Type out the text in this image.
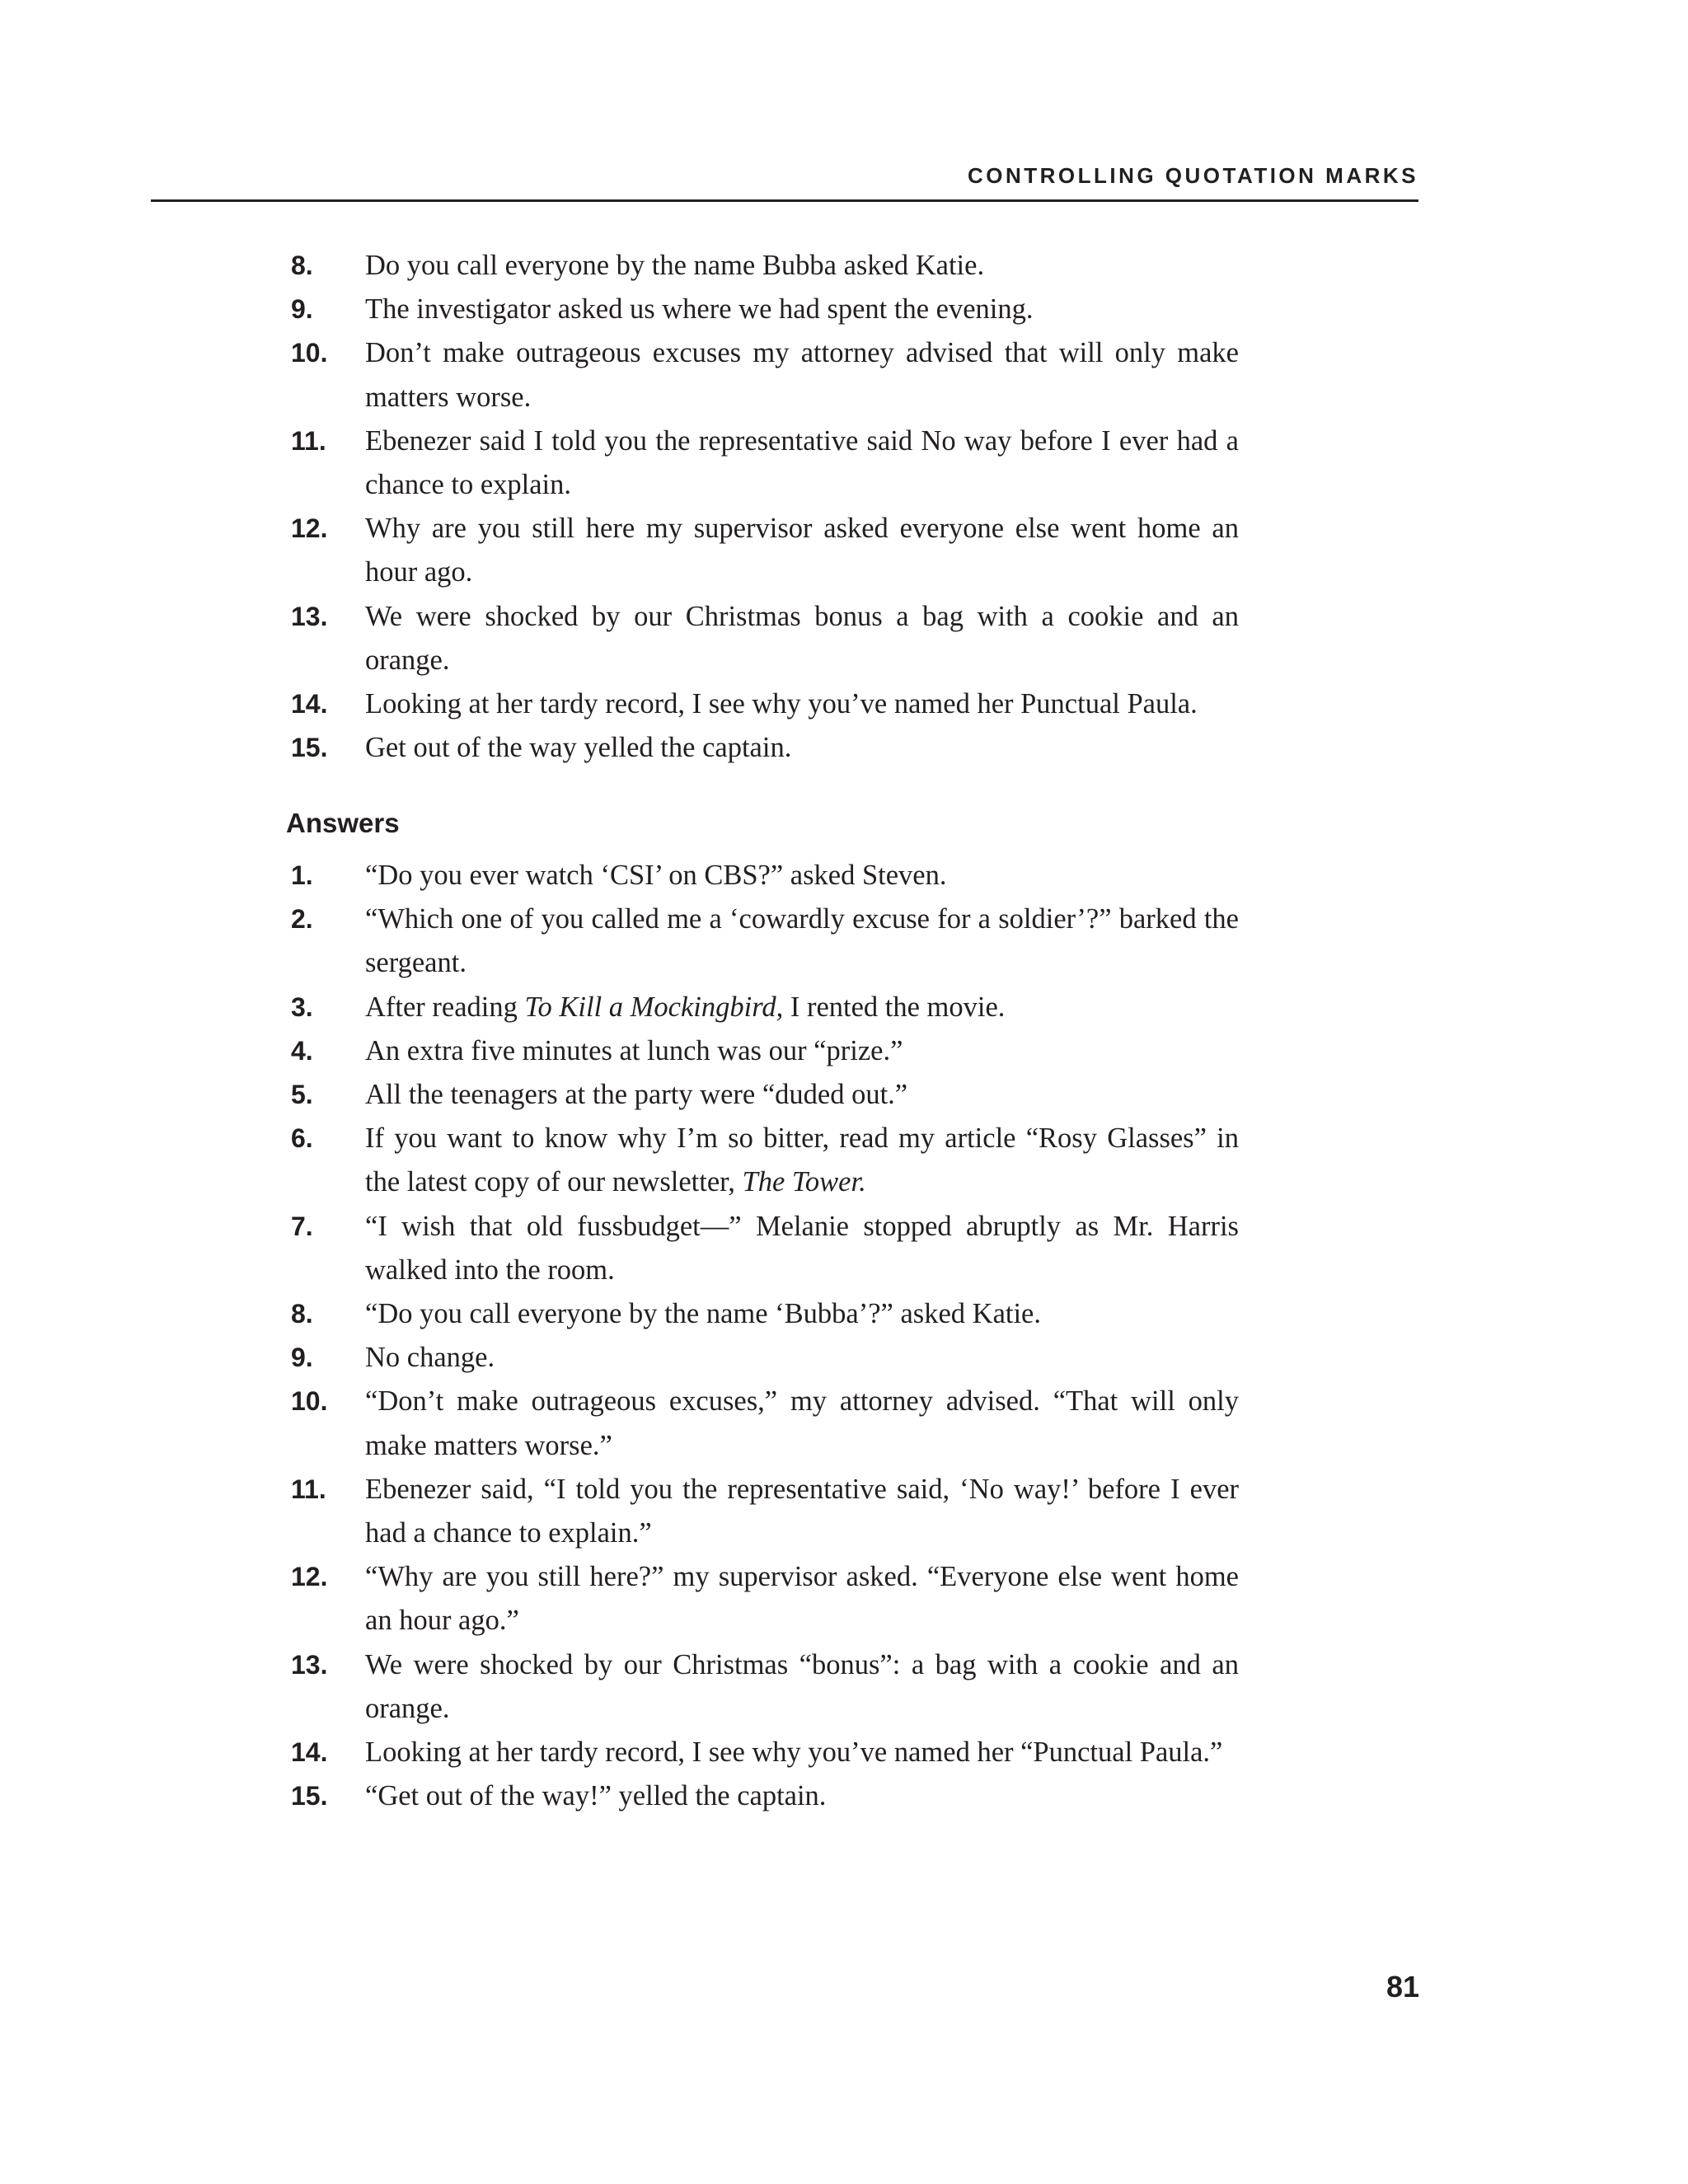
CONTROLLING QUOTATION MARKS
8.	Do you call everyone by the name Bubba asked Katie.
9.	The investigator asked us where we had spent the evening.
10.	Don’t make outrageous excuses my attorney advised that will only make matters worse.
11.	Ebenezer said I told you the representative said No way before I ever had a chance to explain.
12.	Why are you still here my supervisor asked everyone else went home an hour ago.
13.	We were shocked by our Christmas bonus a bag with a cookie and an orange.
14.	Looking at her tardy record, I see why you’ve named her Punctual Paula.
15.	Get out of the way yelled the captain.
Answers
1.	“Do you ever watch ‘CSI’ on CBS?” asked Steven.
2.	“Which one of you called me a ‘cowardly excuse for a soldier’?” barked the sergeant.
3.	After reading To Kill a Mockingbird, I rented the movie.
4.	An extra five minutes at lunch was our “prize.”
5.	All the teenagers at the party were “duded out.”
6.	If you want to know why I’m so bitter, read my article “Rosy Glasses” in the latest copy of our newsletter, The Tower.
7.	“I wish that old fussbudget—” Melanie stopped abruptly as Mr. Harris walked into the room.
8.	“Do you call everyone by the name ‘Bubba’?” asked Katie.
9.	No change.
10.	“Don’t make outrageous excuses,” my attorney advised. “That will only make matters worse.”
11.	Ebenezer said, “I told you the representative said, ‘No way!’ before I ever had a chance to explain.”
12.	“Why are you still here?” my supervisor asked. “Everyone else went home an hour ago.”
13.	We were shocked by our Christmas “bonus”: a bag with a cookie and an orange.
14.	Looking at her tardy record, I see why you’ve named her “Punctual Paula.”
15.	“Get out of the way!” yelled the captain.
81
